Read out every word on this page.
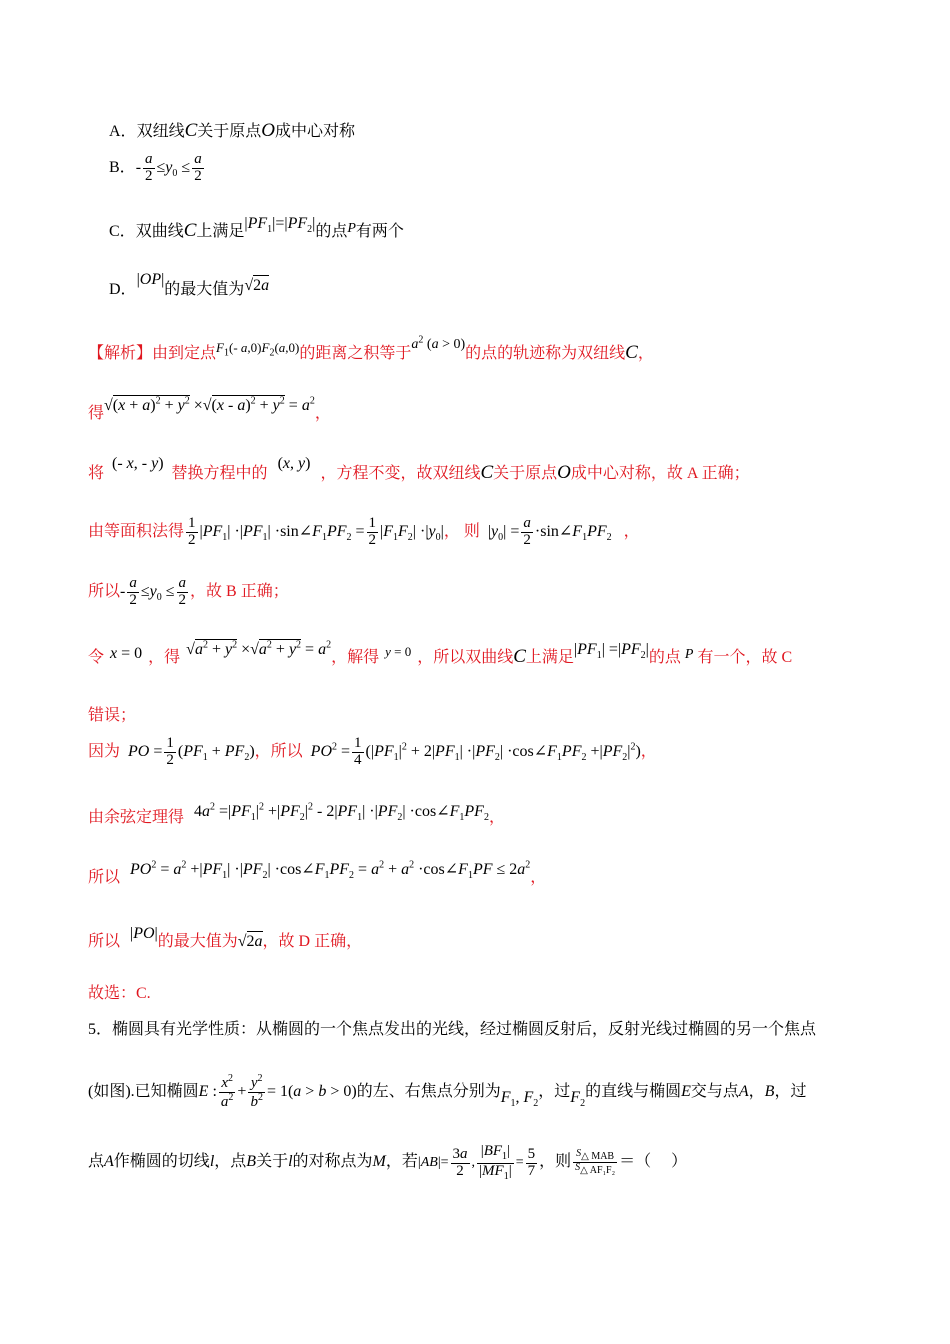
A．双纽线C关于原点O成中心对称
B．- $\frac{a}{2} \le y_0 \le \frac{a}{2}$
C．双曲线C上满足$|PF_1|=|PF_2|$的点P有两个
D．|OP|的最大值为√2a
【解析】由到定点$^{F_1(- a,0)F_2(a,0)}$的距离之积等于$a^2$ (a > 0)的点的轨迹称为双纽线C，
得$√(x + a)^2 + y^2 \times√(x - a)^2 + y^2 = a^2$，
将(- x, - y)替换方程中的(x, y)，方程不变，故双纽线C关于原点O成中心对称，故 A 正确；
由等面积法得 $\frac{1}{2} |PF_1| \cdot|PF_1|$ $\cdot\sin\angle F_1PF_2 = \frac{1}{2} |F_1F_2| \cdot|y_0|$， 则 $|y_0| = \frac{a}{2}$ $\cdot\sin\angle F_1PF_2$ ，
所以- $\frac{a}{2} \le y_0 \le \frac{a}{2}$ ，故 B 正确；
令 x = 0 ，得 $√a^2 + y^2 \times√a^2 + y^2 = a^2$，解得 $^{y = 0}$ ，所以双曲线C上满足$|PF_1| =|PF_2|$的点 P 有一个，故 C
错误；
因为 PO = $\frac{1}{2} (PF_1 + PF_2)$，所以 $PO^2 = \frac{1}{4} (|PF_1|^2 + 2|PF_1| \cdot|PF_2|$ $\cdot\cos\angle F_1PF_2 +|PF_2|^2$)，
由余弦定理得 $4a^2 =|PF_1|^2 +|PF_2|^2 - 2|PF_1| \cdot|PF_2|$ $\cdot\cos\angle F_1PF_2$，
所以 $PO^2 = a^2 +|PF_1| \cdot|PF_2|$ $\cdot\cos\angle F_1PF_2 = a^2 + a^2$ $\cdot\cos\angle F_1PF \le 2a^2$，
所以 |PO|的最大值为√2a，故 D 正确，
故选：C.
5．椭圆具有光学性质：从椭圆的一个焦点发出的光线，经过椭圆反射后，反射光线过椭圆的另一个焦点
(如图).已知椭圆E : $\frac{x^2}{a^2} + \frac{y^2}{b^2} = 1(a > b > 0)$的左、右焦点分别为$F_1$, $F_2$，过$F_2$的直线与椭圆E交与点A，B，过
点A作椭圆的切线l，点B关于l的对称点为M，若$|AB|= \frac{3a}{2}$ , $\frac{|BF_1|}{|MF_1|} = \frac{5}{7}$ ，则 $\frac{S_{\triangle MAB}}{S_{\triangle AF_1F_2}}$ ＝（　 ）
